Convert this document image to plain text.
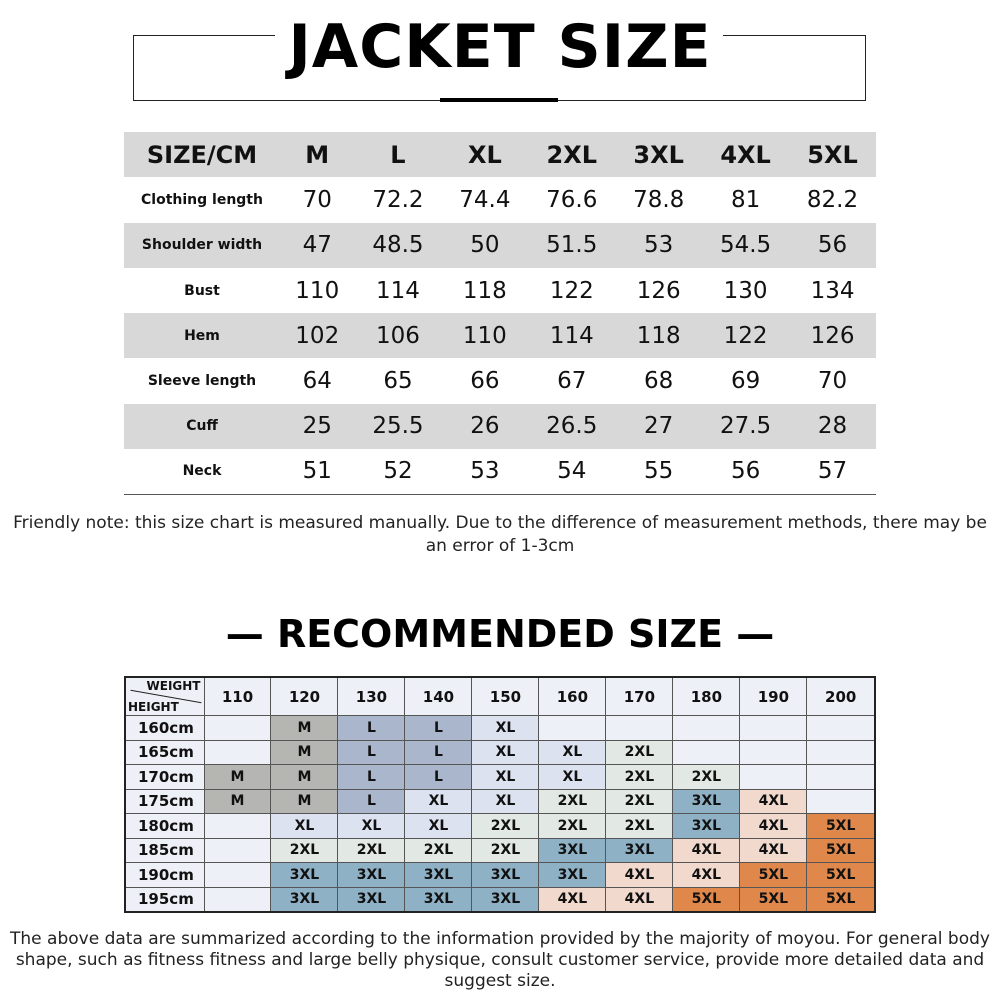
JACKET SIZE
SIZE/CM	M	L	XL	2XL	3XL	4XL	5XL
Clothing length	70	72.2	74.4	76.6	78.8	81	82.2
Shoulder width	47	48.5	50	51.5	53	54.5	56
Bust	110	114	118	122	126	130	134
Hem	102	106	110	114	118	122	126
Sleeve length	64	65	66	67	68	69	70
Cuff	25	25.5	26	26.5	27	27.5	28
Neck	51	52	53	54	55	56	57
Friendly note: this size chart is measured manually. Due to the difference of measurement methods, there may be an error of 1-3cm
— RECOMMENDED SIZE —
WEIGHT
HEIGHT	110	120	130	140	150	160	170	180	190	200
160cm		M	L	L	XL					
165cm		M	L	L	XL	XL	2XL			
170cm	M	M	L	L	XL	XL	2XL	2XL		
175cm	M	M	L	XL	XL	2XL	2XL	3XL	4XL	
180cm		XL	XL	XL	2XL	2XL	2XL	3XL	4XL	5XL
185cm		2XL	2XL	2XL	2XL	3XL	3XL	4XL	4XL	5XL
190cm		3XL	3XL	3XL	3XL	3XL	4XL	4XL	5XL	5XL
195cm		3XL	3XL	3XL	3XL	4XL	4XL	5XL	5XL	5XL
The above data are summarized according to the information provided by the majority of moyou. For general body shape, such as fitness fitness and large belly physique, consult customer service, provide more detailed data and suggest size.
